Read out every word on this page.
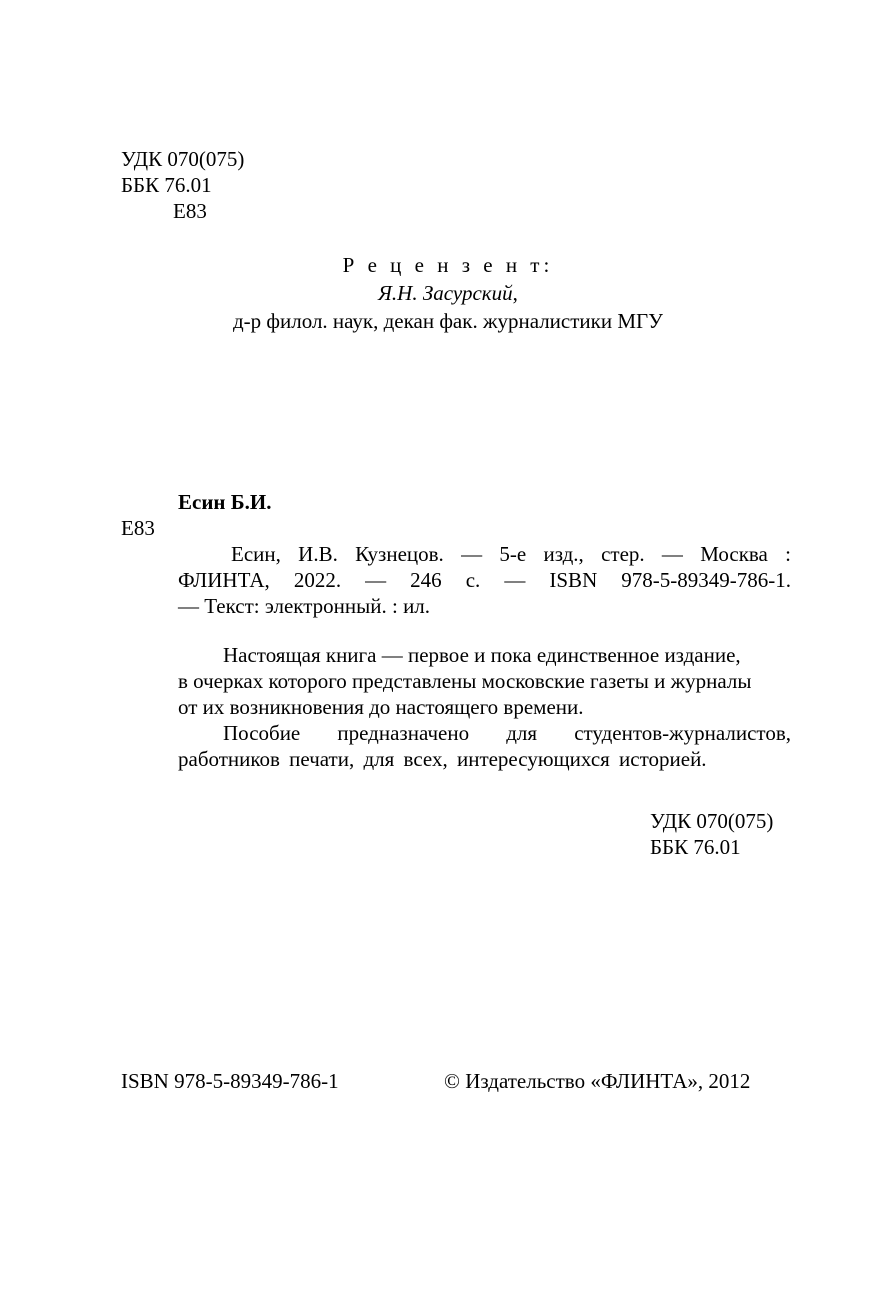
УДК 070(075)
ББК 76.01
Е83
Р е ц е н з е н т:
Я.Н. Засурский,
д-р филол. наук, декан фак. журналистики МГУ
Есин Б.И.
Е83
Есин, И.В. Кузнецов. — 5-е изд., стер. — Москва :
ФЛИНТА, 2022. — 246 с. — ISBN 978-5-89349-786-1.
— Текст: электронный. : ил.
Настоящая книга — первое и пока единственное издание,
в очерках которого представлены московские газеты и журналы
от их возникновения до настоящего времени.
Пособие предназначено для студентов-журналистов,
работников печати, для всех, интересующихся историей.
УДК 070(075)
ББК 76.01
ISBN 978-5-89349-786-1	© Издательство «ФЛИНТА», 2012
